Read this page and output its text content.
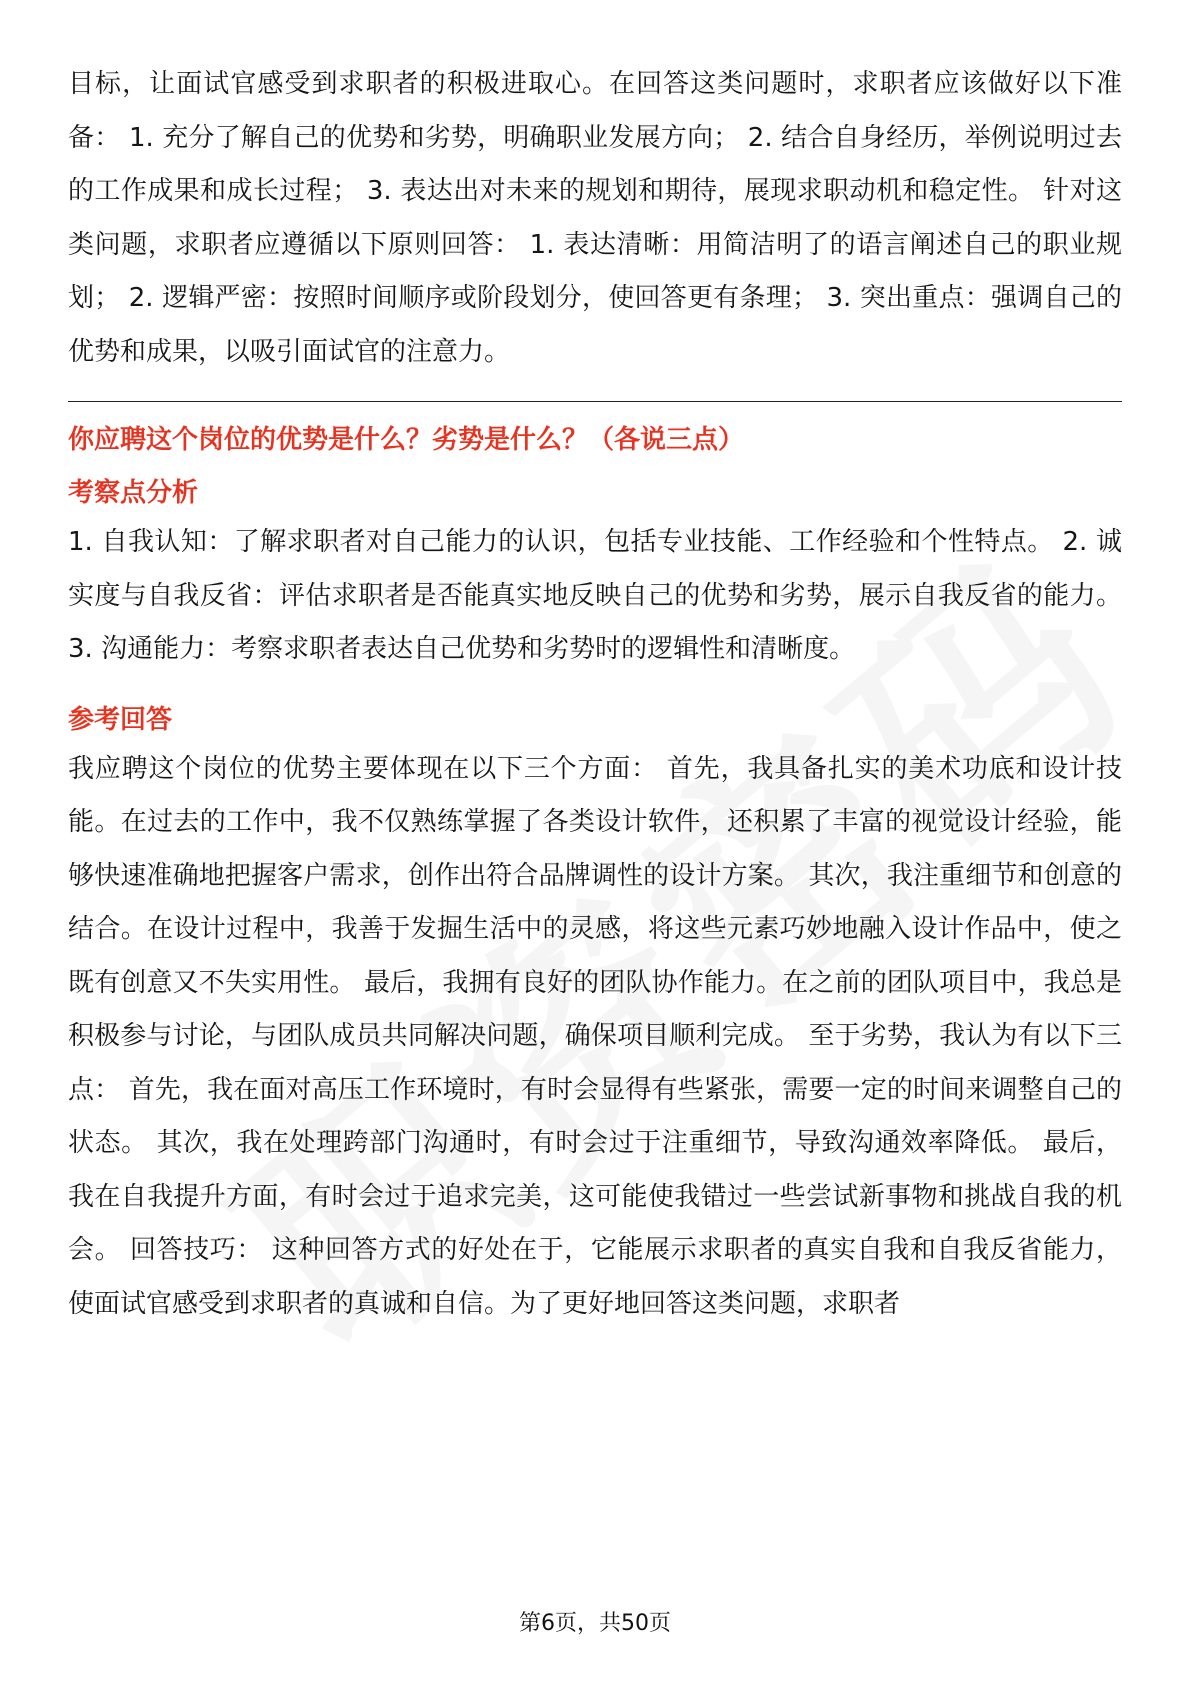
目标，让面试官感受到求职者的积极进取心。在回答这类问题时，求职者应该做好以下准备： 1. 充分了解自己的优势和劣势，明确职业发展方向； 2. 结合自身经历，举例说明过去的工作成果和成长过程； 3. 表达出对未来的规划和期待，展现求职动机和稳定性。 针对这类问题，求职者应遵循以下原则回答： 1. 表达清晰：用简洁明了的语言阐述自己的职业规划； 2. 逻辑严密：按照时间顺序或阶段划分，使回答更有条理； 3. 突出重点：强调自己的优势和成果，以吸引面试官的注意力。

你应聘这个岗位的优势是什么？劣势是什么？（各说三点）
考察点分析

1. 自我认知：了解求职者对自己能力的认识，包括专业技能、工作经验和个性特点。 2. 诚实度与自我反省：评估求职者是否能真实地反映自己的优势和劣势，展示自我反省的能力。 3. 沟通能力：考察求职者表达自己优势和劣势时的逻辑性和清晰度。

参考回答

我应聘这个岗位的优势主要体现在以下三个方面： 首先，我具备扎实的美术功底和设计技能。在过去的工作中，我不仅熟练掌握了各类设计软件，还积累了丰富的视觉设计经验，能够快速准确地把握客户需求，创作出符合品牌调性的设计方案。 其次，我注重细节和创意的结合。在设计过程中，我善于发掘生活中的灵感，将这些元素巧妙地融入设计作品中，使之既有创意又不失实用性。 最后，我拥有良好的团队协作能力。在之前的团队项目中，我总是积极参与讨论，与团队成员共同解决问题，确保项目顺利完成。 至于劣势，我认为有以下三点： 首先，我在面对高压工作环境时，有时会显得有些紧张，需要一定的时间来调整自己的状态。 其次，我在处理跨部门沟通时，有时会过于注重细节，导致沟通效率降低。 最后，我在自我提升方面，有时会过于追求完美，这可能使我错过一些尝试新事物和挑战自我的机会。 回答技巧： 这种回答方式的好处在于，它能展示求职者的真实自我和自我反省能力，使面试官感受到求职者的真诚和自信。为了更好地回答这类问题，求职者

第6页，共50页
